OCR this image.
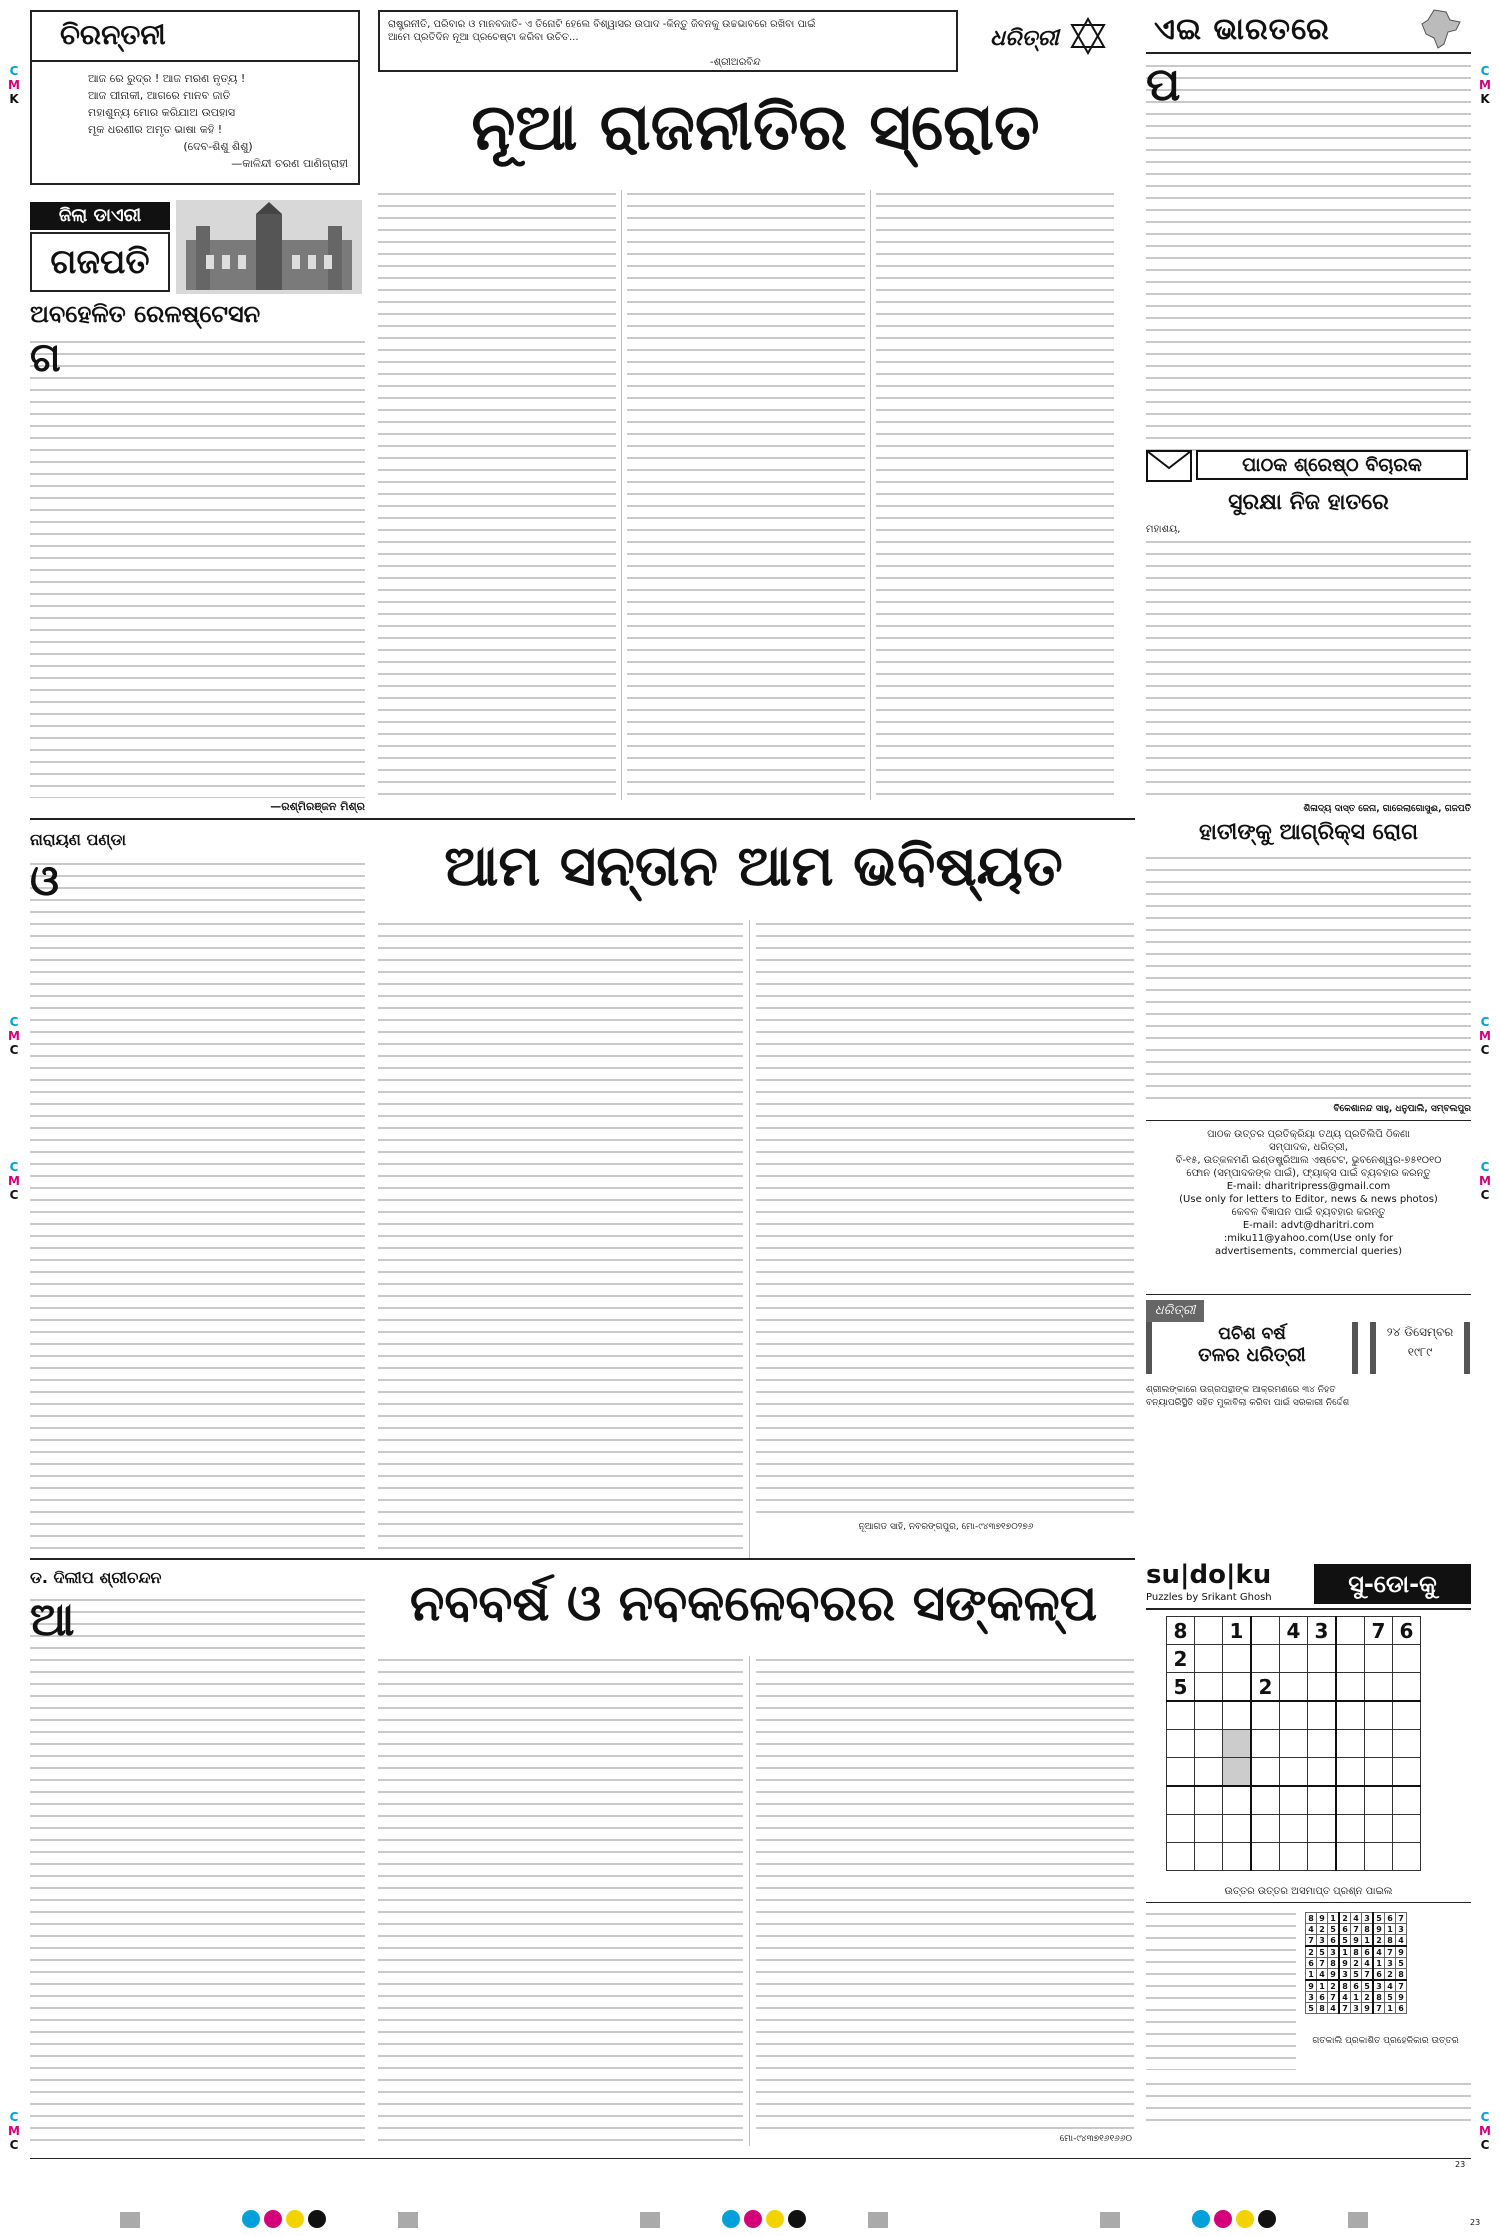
C
M
K
C
M
C
C
M
C
C
M
C
C
M
K
C
M
C
C
M
C
C
M
C
ଚିରନ୍ତନୀ
ଆଜ ରେ ରୁଦ୍ର ! ଆଜ ମରଣ ନୃତ୍ୟ !
ଆଜ ପୀନାକୀ, ଆଗରେ ମାନବ ଜାତି
ମହାଶୁନ୍ୟ ମୋର କରିଯାଅ ଉପହାସ
ମୂକ ଧରଣୀର ଅମୃତ ଭାଷା କହି !
(ଦେବ-ଶିଶୁ ଶିଶୁ)
—କାଳିନ୍ଦୀ ଚରଣ ପାଣିଗ୍ରାହୀ
ରାଷ୍ଟ୍ରନୀତି, ପରିବାର ଓ ମାନବଜାତି- ଏ ତିନୋଟି ହେଲେ ବିଶ୍ୱାସର ଉପାଦ -କିନ୍ତୁ ଜିବନକୁ ଉଚ୍ଚଭାବରେ ରଖିବା ପାଇଁ ଆମେ ପ୍ରତିଦିନ ନୂଆ ପ୍ରଚେଷ୍ଟା କରିବା ଉଚିତ...
-ଶ୍ରୀଅରବିନ୍ଦ
ଧରିତ୍ରୀ	ଏଇ ଭାରତରେ
ପ
ଜିଲା ଡାଏରୀ
ଗଜପତି
ଅବହେଳିତ ରେଳଷ୍ଟେସନ
ଗ
—ରଶ୍ମିରଞ୍ଜନ ମିଶ୍ର
ନୂଆ ରାଜନୀତିର ସ୍ରୋତ
ପାଠକ ଶ୍ରେଷ୍ଠ ବିଚାରକ
ସୁରକ୍ଷା ନିଜ ହାତରେ
ମହାଶୟ,
ଶିଳାଦ୍ୟ ଦାସ୍ତ ଜେନା, ଗାରେଲାଗୋସୁଈ, ଗଜପତି
ହାତୀଙ୍କୁ ଆଗ୍ରିକ୍ସ ରୋଗ
ବିକେଶାନନ୍ଦ ସାହୁ, ଧନୁପାଲି, ସମ୍ବଲପୁର
ପାଠକ ଉତ୍ତର ପ୍ରତିକ୍ରିୟା ତଥ୍ୟ ପ୍ରତିଲିପି ଠିକଣା
ସମ୍ପାଦକ, ଧରିତ୍ରୀ,
ବି-୧୫, ଉତ୍କଳମଣି ଇଣ୍ଡଷ୍ଟ୍ରିଆଲ ଏଷ୍ଟେଟ, ଭୁବନେଶ୍ୱର-୭୫୧୦୧୦
ଫୋନ (ସମ୍ପାଦକଙ୍କ ପାଇଁ), ଫ୍ୟାକ୍ସ ପାଇଁ ବ୍ୟବହାର କରନ୍ତୁ
E-mail: dharitripress@gmail.com
(Use only for letters to Editor, news & news photos)
କେବଳ ବିଜ୍ଞାପନ ପାଇଁ ବ୍ୟବହାର କରନ୍ତୁ
E-mail: advt@dharitri.com
:miku11@yahoo.com(Use only for
advertisements, commercial queries)
ଧରିତ୍ରୀ
ପଚିଶ ବର୍ଷ
ତଳର ଧରିତ୍ରୀ
୨୪ ଡିସେମ୍ବର
୧୯୮୯
ଶ୍ରୀଲଙ୍କାରେ ଉଗ୍ରପନ୍ଥୀଙ୍କ ଆକ୍ରମଣରେ ୩୪ ନିହତ
ବନ୍ୟାପରିସ୍ଥିତି ସହିତ ମୁକାବିଲା କରିବା ପାଇଁ ସରକାରୀ ନିର୍ଦ୍ଦେଶ
ନାରାୟଣ ପଣ୍ଡା	ଆମ ସନ୍ତାନ ଆମ ଭବିଷ୍ୟତ
ଓ
ନୂଆଗଡ ସାହି, ନବରଙ୍ଗପୁର, ମୋ-୯୪୩୭୧୭୦୨୭୬
ଡ. ଦିଲୀପ ଶ୍ରୀଚନ୍ଦନ	ନବବର୍ଷ ଓ ନବକଳେବରର ସଙ୍କଳ୍ପ
ଆ
ମୋ-୯୪୩୭୧୬୧୬୬୦
su|do|ku
Puzzles by Srikant Ghosh	ସୁ-ଡୋ-କୁ
8		1		4	3		7	6
2								
5			2					

ଉତ୍ତର ଉତ୍ତର ଅସମାପ୍ତ ପ୍ରଶ୍ନ ପାଇଲ
8	9	1	2	4	3	5	6	7
4	2	5	6	7	8	9	1	3
7	3	6	5	9	1	2	8	4
2	5	3	1	8	6	4	7	9
6	7	8	9	2	4	1	3	5
1	4	9	3	5	7	6	2	8
9	1	2	8	6	5	3	4	7
3	6	7	4	1	2	8	5	9
5	8	4	7	3	9	7	1	6
ଗତକାଲି ପ୍ରକାଶିତ ପ୍ରହେଳିକାର ଉତ୍ତର
23
23
